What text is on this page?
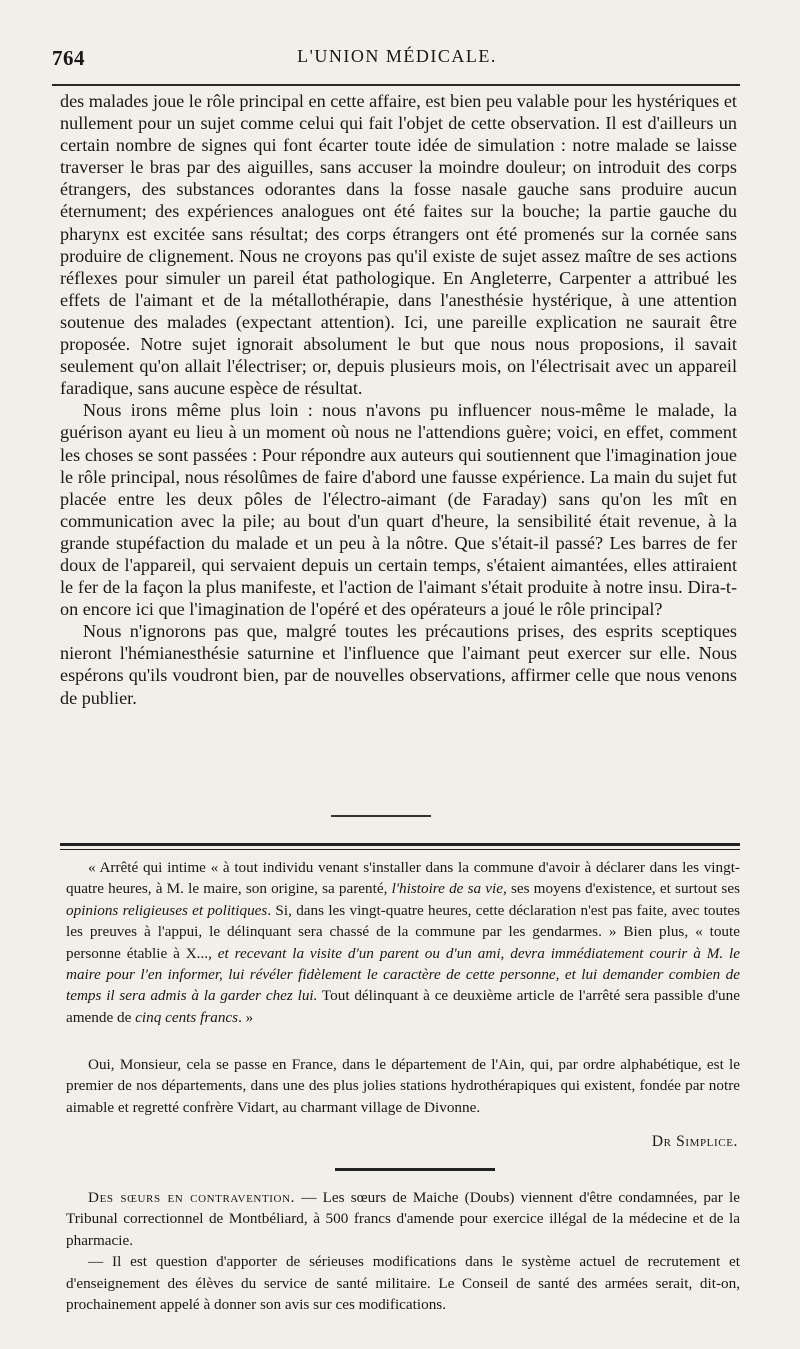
764	L'UNION MÉDICALE.

des malades joue le rôle principal en cette affaire, est bien peu valable pour les hystériques et nullement pour un sujet comme celui qui fait l'objet de cette observation. Il est d'ailleurs un certain nombre de signes qui font écarter toute idée de simulation : notre malade se laisse traverser le bras par des aiguilles, sans accuser la moindre douleur; on introduit des corps étrangers, des substances odorantes dans la fosse nasale gauche sans produire aucun éternument; des expériences analogues ont été faites sur la bouche; la partie gauche du pharynx est excitée sans résultat; des corps étrangers ont été promenés sur la cornée sans produire de clignement. Nous ne croyons pas qu'il existe de sujet assez maître de ses actions réflexes pour simuler un pareil état pathologique. En Angleterre, Carpenter a attribué les effets de l'aimant et de la métallothérapie, dans l'anesthésie hystérique, à une attention soutenue des malades (expectant attention). Ici, une pareille explication ne saurait être proposée. Notre sujet ignorait absolument le but que nous nous proposions, il savait seulement qu'on allait l'électriser; or, depuis plusieurs mois, on l'électrisait avec un appareil faradique, sans aucune espèce de résultat.

Nous irons même plus loin : nous n'avons pu influencer nous-même le malade, la guérison ayant eu lieu à un moment où nous ne l'attendions guère; voici, en effet, comment les choses se sont passées : Pour répondre aux auteurs qui soutiennent que l'imagination joue le rôle principal, nous résolûmes de faire d'abord une fausse expérience. La main du sujet fut placée entre les deux pôles de l'électro-aimant (de Faraday) sans qu'on les mît en communication avec la pile; au bout d'un quart d'heure, la sensibilité était revenue, à la grande stupéfaction du malade et un peu à la nôtre. Que s'était-il passé? Les barres de fer doux de l'appareil, qui servaient depuis un certain temps, s'étaient aimantées, elles attiraient le fer de la façon la plus manifeste, et l'action de l'aimant s'était produite à notre insu. Dira-t-on encore ici que l'imagination de l'opéré et des opérateurs a joué le rôle principal?

Nous n'ignorons pas que, malgré toutes les précautions prises, des esprits sceptiques nieront l'hémianesthésie saturnine et l'influence que l'aimant peut exercer sur elle. Nous espérons qu'ils voudront bien, par de nouvelles observations, affirmer celle que nous venons de publier.

« Arrêté qui intime « à tout individu venant s'installer dans la commune d'avoir à déclarer dans les vingt-quatre heures, à M. le maire, son origine, sa parenté, l'histoire de sa vie, ses moyens d'existence, et surtout ses opinions religieuses et politiques. Si, dans les vingt-quatre heures, cette déclaration n'est pas faite, avec toutes les preuves à l'appui, le délinquant sera chassé de la commune par les gendarmes. » Bien plus, « toute personne établie à X..., et recevant la visite d'un parent ou d'un ami, devra immédiatement courir à M. le maire pour l'en informer, lui révéler fidèlement le caractère de cette personne, et lui demander combien de temps il sera admis à la garder chez lui. Tout délinquant à ce deuxième article de l'arrêté sera passible d'une amende de cinq cents francs. »

Oui, Monsieur, cela se passe en France, dans le département de l'Ain, qui, par ordre alphabétique, est le premier de nos départements, dans une des plus jolies stations hydrothérapiques qui existent, fondée par notre aimable et regretté confrère Vidart, au charmant village de Divonne.

Dr Simplice.

Des sœurs en contravention. — Les sœurs de Maiche (Doubs) viennent d'être condamnées, par le Tribunal correctionnel de Montbéliard, à 500 francs d'amende pour exercice illégal de la médecine et de la pharmacie.

— Il est question d'apporter de sérieuses modifications dans le système actuel de recrutement et d'enseignement des élèves du service de santé militaire. Le Conseil de santé des armées serait, dit-on, prochainement appelé à donner son avis sur ces modifications.
